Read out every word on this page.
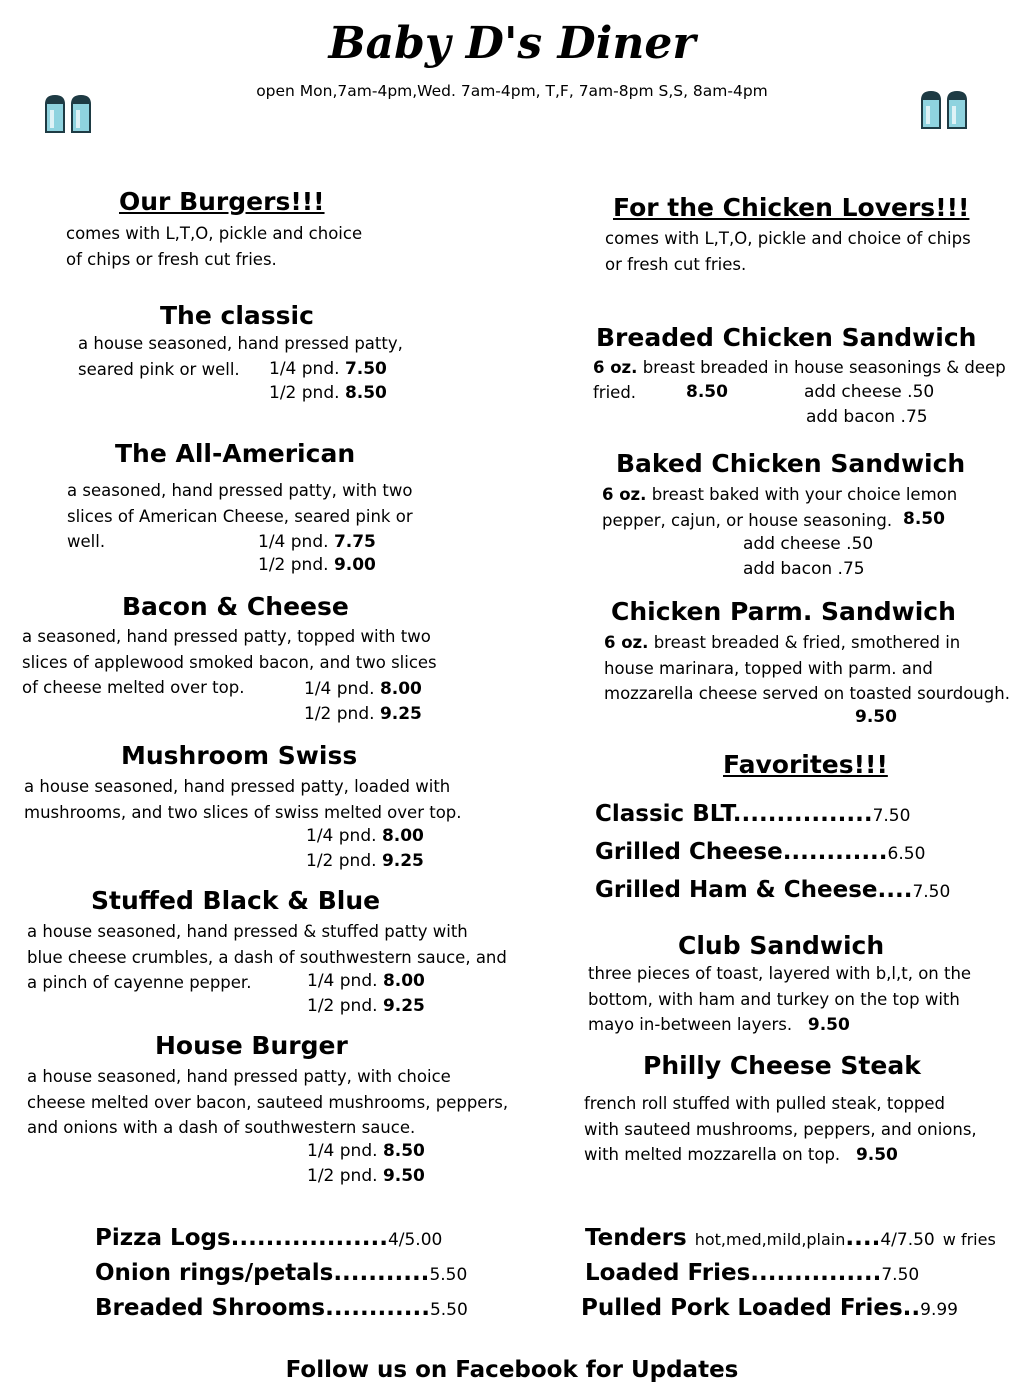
Baby D's Diner
open Mon,7am-4pm,Wed. 7am-4pm, T,F, 7am-8pm S,S, 8am-4pm
Our Burgers!!!
comes with L,T,O, pickle and choice
of chips or fresh cut fries.
The classic
a house seasoned, hand pressed patty,
seared pink or well.	1/4 pnd. 7.50
1/2 pnd. 8.50
The All-American
a seasoned, hand pressed patty, with two
slices of American Cheese, seared pink or
well.	1/4 pnd. 7.75
1/2 pnd. 9.00
Bacon & Cheese
a seasoned, hand pressed patty, topped with two
slices of applewood smoked bacon, and two slices
of cheese melted over top.	1/4 pnd. 8.00
1/2 pnd. 9.25
Mushroom Swiss
a house seasoned, hand pressed patty, loaded with
mushrooms, and two slices of swiss melted over top.
1/4 pnd. 8.00
1/2 pnd. 9.25
Stuffed Black & Blue
a house seasoned, hand pressed & stuffed patty with
blue cheese crumbles, a dash of southwestern sauce, and
a pinch of cayenne pepper.	1/4 pnd. 8.00
1/2 pnd. 9.25
House Burger
a house seasoned, hand pressed patty, with choice
cheese melted over bacon, sauteed mushrooms, peppers,
and onions with a dash of southwestern sauce.
1/4 pnd. 8.50
1/2 pnd. 9.50
For the Chicken Lovers!!!
comes with L,T,O, pickle and choice of chips
or fresh cut fries.
Breaded Chicken Sandwich
6 oz. breast breaded in house seasonings & deep
fried.	8.50	add cheese .50
add bacon .75
Baked Chicken Sandwich
6 oz. breast baked with your choice lemon
pepper, cajun, or house seasoning. 8.50
add cheese .50
add bacon .75
Chicken Parm. Sandwich
6 oz. breast breaded & fried, smothered in
house marinara, topped with parm. and
mozzarella cheese served on toasted sourdough.
9.50
Favorites!!!
Classic BLT................7.50
Grilled Cheese............6.50
Grilled Ham & Cheese....7.50
Club Sandwich
three pieces of toast, layered with b,l,t, on the
bottom, with ham and turkey on the top with
mayo in-between layers. 9.50
Philly Cheese Steak
french roll stuffed with pulled steak, topped
with sauteed mushrooms, peppers, and onions,
with melted mozzarella on top. 9.50
Pizza Logs..................4/5.00
Onion rings/petals...........5.50
Breaded Shrooms............5.50
Tenders hot,med,mild,plain....4/7.50 w fries
Loaded Fries...............7.50
Pulled Pork Loaded Fries..9.99
Follow us on Facebook for Updates
